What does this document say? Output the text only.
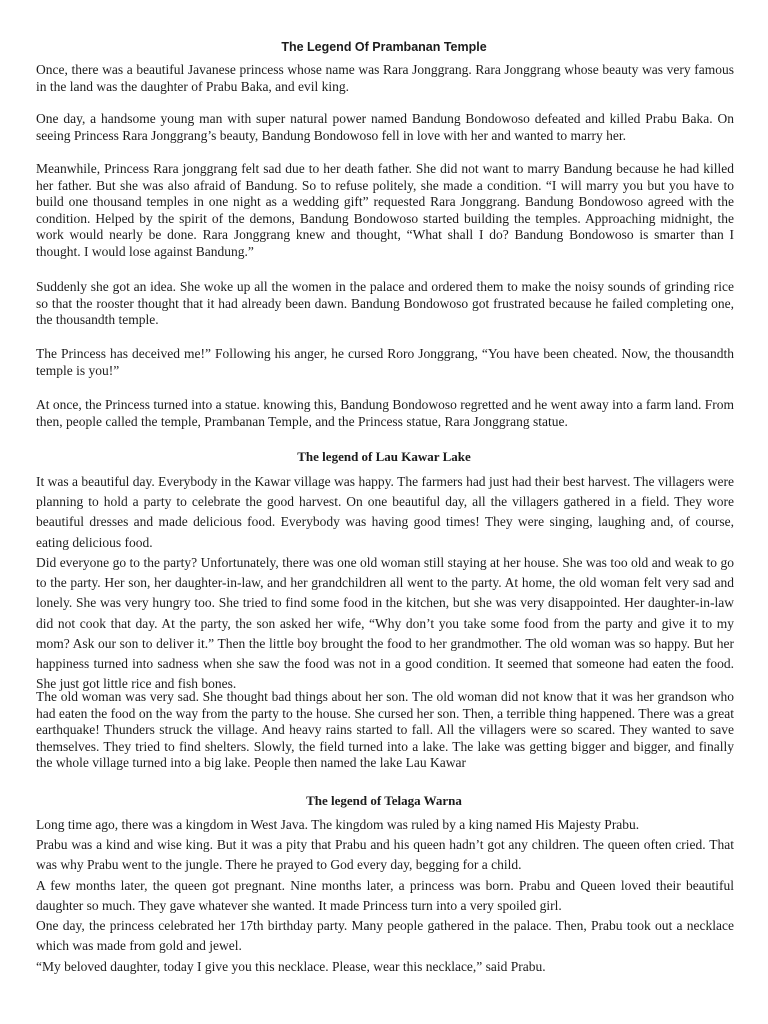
The Legend Of Prambanan Temple

Once, there was a beautiful Javanese princess whose name was Rara Jonggrang. Rara Jonggrang whose beauty was very famous in the land was the daughter of Prabu Baka, and evil king.

One day, a handsome young man with super natural power named Bandung Bondowoso defeated and killed Prabu Baka. On seeing Princess Rara Jonggrang’s beauty, Bandung Bondowoso fell in love with her and wanted to marry her.

Meanwhile, Princess Rara jonggrang felt sad due to her death father. She did not want to marry Bandung because he had killed her father. But she was also afraid of Bandung. So to refuse politely, she made a condition. “I will marry you but you have to build one thousand temples in one night as a wedding gift” requested Rara Jonggrang. Bandung Bondowoso agreed with the condition. Helped by the spirit of the demons, Bandung Bondowoso started building the temples. Approaching midnight, the work would nearly be done. Rara Jonggrang knew and thought, “What shall I do? Bandung Bondowoso is smarter than I thought. I would lose against Bandung.”

Suddenly she got an idea. She woke up all the women in the palace and ordered them to make the noisy sounds of grinding rice so that the rooster thought that it had already been dawn. Bandung Bondowoso got frustrated because he failed completing one, the thousandth temple.

The Princess has deceived me!” Following his anger, he cursed Roro Jonggrang, “You have been cheated. Now, the thousandth temple is you!”

At once, the Princess turned into a statue. knowing this, Bandung Bondowoso regretted and he went away into a farm land. From then, people called the temple, Prambanan Temple, and the Princess statue, Rara Jonggrang statue.

The legend of Lau Kawar Lake

It was a beautiful day. Everybody in the Kawar village was happy. The farmers had just had their best harvest. The villagers were planning to hold a party to celebrate the good harvest. On one beautiful day, all the villagers gathered in a field. They wore beautiful dresses and made delicious food. Everybody was having good times! They were singing, laughing and, of course, eating delicious food.

Did everyone go to the party? Unfortunately, there was one old woman still staying at her house. She was too old and weak to go to the party. Her son, her daughter-in-law, and her grandchildren all went to the party. At home, the old woman felt very sad and lonely. She was very hungry too. She tried to find some food in the kitchen, but she was very disappointed. Her daughter-in-law did not cook that day. At the party, the son asked her wife, “Why don’t you take some food from the party and give it to my mom? Ask our son to deliver it.” Then the little boy brought the food to her grandmother. The old woman was so happy. But her happiness turned into sadness when she saw the food was not in a good condition. It seemed that someone had eaten the food. She just got little rice and fish bones.

The old woman was very sad. She thought bad things about her son. The old woman did not know that it was her grandson who had eaten the food on the way from the party to the house. She cursed her son. Then, a terrible thing happened. There was a great earthquake! Thunders struck the village. And heavy rains started to fall. All the villagers were so scared. They wanted to save themselves. They tried to find shelters. Slowly, the field turned into a lake. The lake was getting bigger and bigger, and finally the whole village turned into a big lake. People then named the lake Lau Kawar

The legend of Telaga Warna

Long time ago, there was a kingdom in West Java. The kingdom was ruled by a king named His Majesty Prabu.

Prabu was a kind and wise king. But it was a pity that Prabu and his queen hadn’t got any children. The queen often cried. That was why Prabu went to the jungle. There he prayed to God every day, begging for a child.

A few months later, the queen got pregnant. Nine months later, a princess was born. Prabu and Queen loved their beautiful daughter so much. They gave whatever she wanted. It made Princess turn into a very spoiled girl.

One day, the princess celebrated her 17th birthday party. Many people gathered in the palace. Then, Prabu took out a necklace which was made from gold and jewel.

“My beloved daughter, today I give you this necklace. Please, wear this necklace,” said Prabu.
